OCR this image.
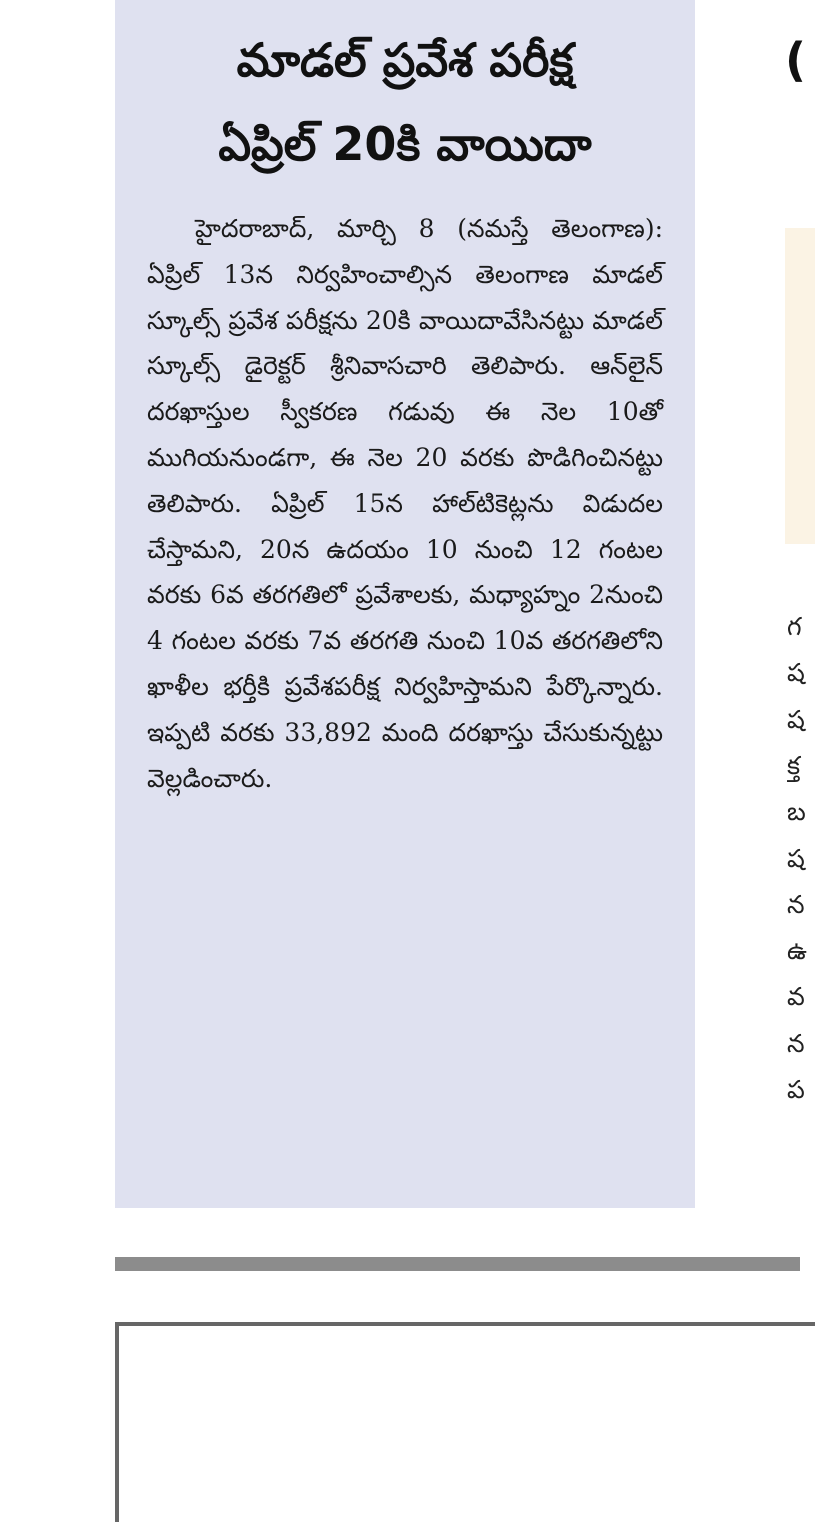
మాడల్ ప్రవేశ పరీక్ష
ఏప్రిల్ 20కి వాయిదా

హైదరాబాద్, మార్చి 8 (నమస్తే తెలంగాణ): ఏప్రిల్ 13న నిర్వహించాల్సిన తెలంగాణ మాడల్ స్కూల్స్ ప్రవేశ పరీక్షను 20కి వాయిదావేసినట్టు మాడల్ స్కూల్స్ డైరెక్టర్ శ్రీనివాసచారి తెలిపారు. ఆన్‌లైన్ దరఖాస్తుల స్వీకరణ గడువు ఈ నెల 10తో ముగియనుండగా, ఈ నెల 20 వరకు పొడిగించినట్టు తెలిపారు. ఏప్రిల్ 15న హాల్‌టికెట్లను విడుదల చేస్తామని, 20న ఉదయం 10 నుంచి 12 గంటల వరకు 6వ తరగతిలో ప్రవేశాలకు, మధ్యాహ్నం 2నుంచి 4 గంటల వరకు 7వ తరగతి నుంచి 10వ తరగతిలోని ఖాళీల భర్తీకి ప్రవేశపరీక్ష నిర్వహిస్తామని పేర్కొన్నారు. ఇప్పటి వరకు 33,892 మంది దరఖాస్తు చేసుకున్నట్టు వెల్లడించారు.

(
గ
ష
ష
క్త
బ
ష
న
ఉ
వ
న
ప
